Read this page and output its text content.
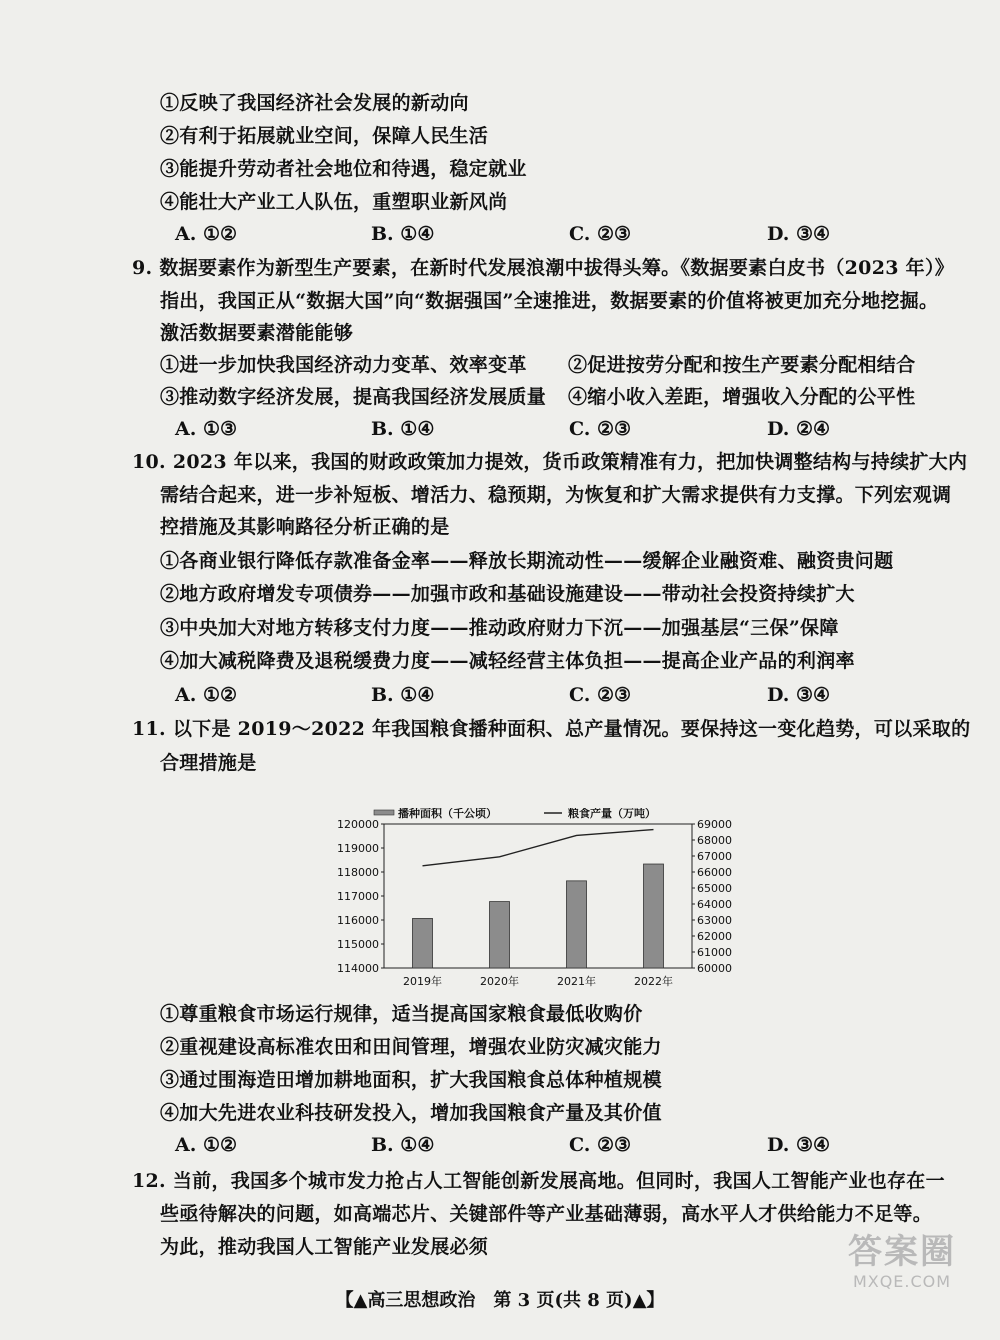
①反映了我国经济社会发展的新动向
②有利于拓展就业空间，保障人民生活
③能提升劳动者社会地位和待遇，稳定就业
④能壮大产业工人队伍，重塑职业新风尚
A. ①②	B. ①④	C. ②③	D. ③④
9. 数据要素作为新型生产要素，在新时代发展浪潮中拔得头筹。《数据要素白皮书（2023 年）》
指出，我国正从“数据大国”向“数据强国”全速推进，数据要素的价值将被更加充分地挖掘。
激活数据要素潜能能够
①进一步加快我国经济动力变革、效率变革 ②促进按劳分配和按生产要素分配相结合
③推动数字经济发展，提高我国经济发展质量 ④缩小收入差距，增强收入分配的公平性
A. ①③	B. ①④	C. ②③	D. ②④
10. 2023 年以来，我国的财政政策加力提效，货币政策精准有力，把加快调整结构与持续扩大内
需结合起来，进一步补短板、增活力、稳预期，为恢复和扩大需求提供有力支撑。下列宏观调
控措施及其影响路径分析正确的是
①各商业银行降低存款准备金率——释放长期流动性——缓解企业融资难、融资贵问题
②地方政府增发专项债券——加强市政和基础设施建设——带动社会投资持续扩大
③中央加大对地方转移支付力度——推动政府财力下沉——加强基层“三保”保障
④加大减税降费及退税缓费力度——减轻经营主体负担——提高企业产品的利润率
A. ①②	B. ①④	C. ②③	D. ③④
11. 以下是 2019～2022 年我国粮食播种面积、总产量情况。要保持这一变化趋势，可以采取的
合理措施是
播种面积（千公顷）	粮食产量（万吨）
114000
115000
116000
117000
118000
119000
120000
60000
61000
62000
63000
64000
65000
66000
67000
68000
69000
2019年	2020年	2021年	2022年
①尊重粮食市场运行规律，适当提高国家粮食最低收购价
②重视建设高标准农田和田间管理，增强农业防灾减灾能力
③通过围海造田增加耕地面积，扩大我国粮食总体种植规模
④加大先进农业科技研发投入，增加我国粮食产量及其价值
A. ①②	B. ①④	C. ②③	D. ③④
12. 当前，我国多个城市发力抢占人工智能创新发展高地。但同时，我国人工智能产业也存在一
些亟待解决的问题，如高端芯片、关键部件等产业基础薄弱，高水平人才供给能力不足等。
为此，推动我国人工智能产业发展必须
【▲高三思想政治　第 3 页(共 8 页)▲】
答案圈
MXQE.COM
